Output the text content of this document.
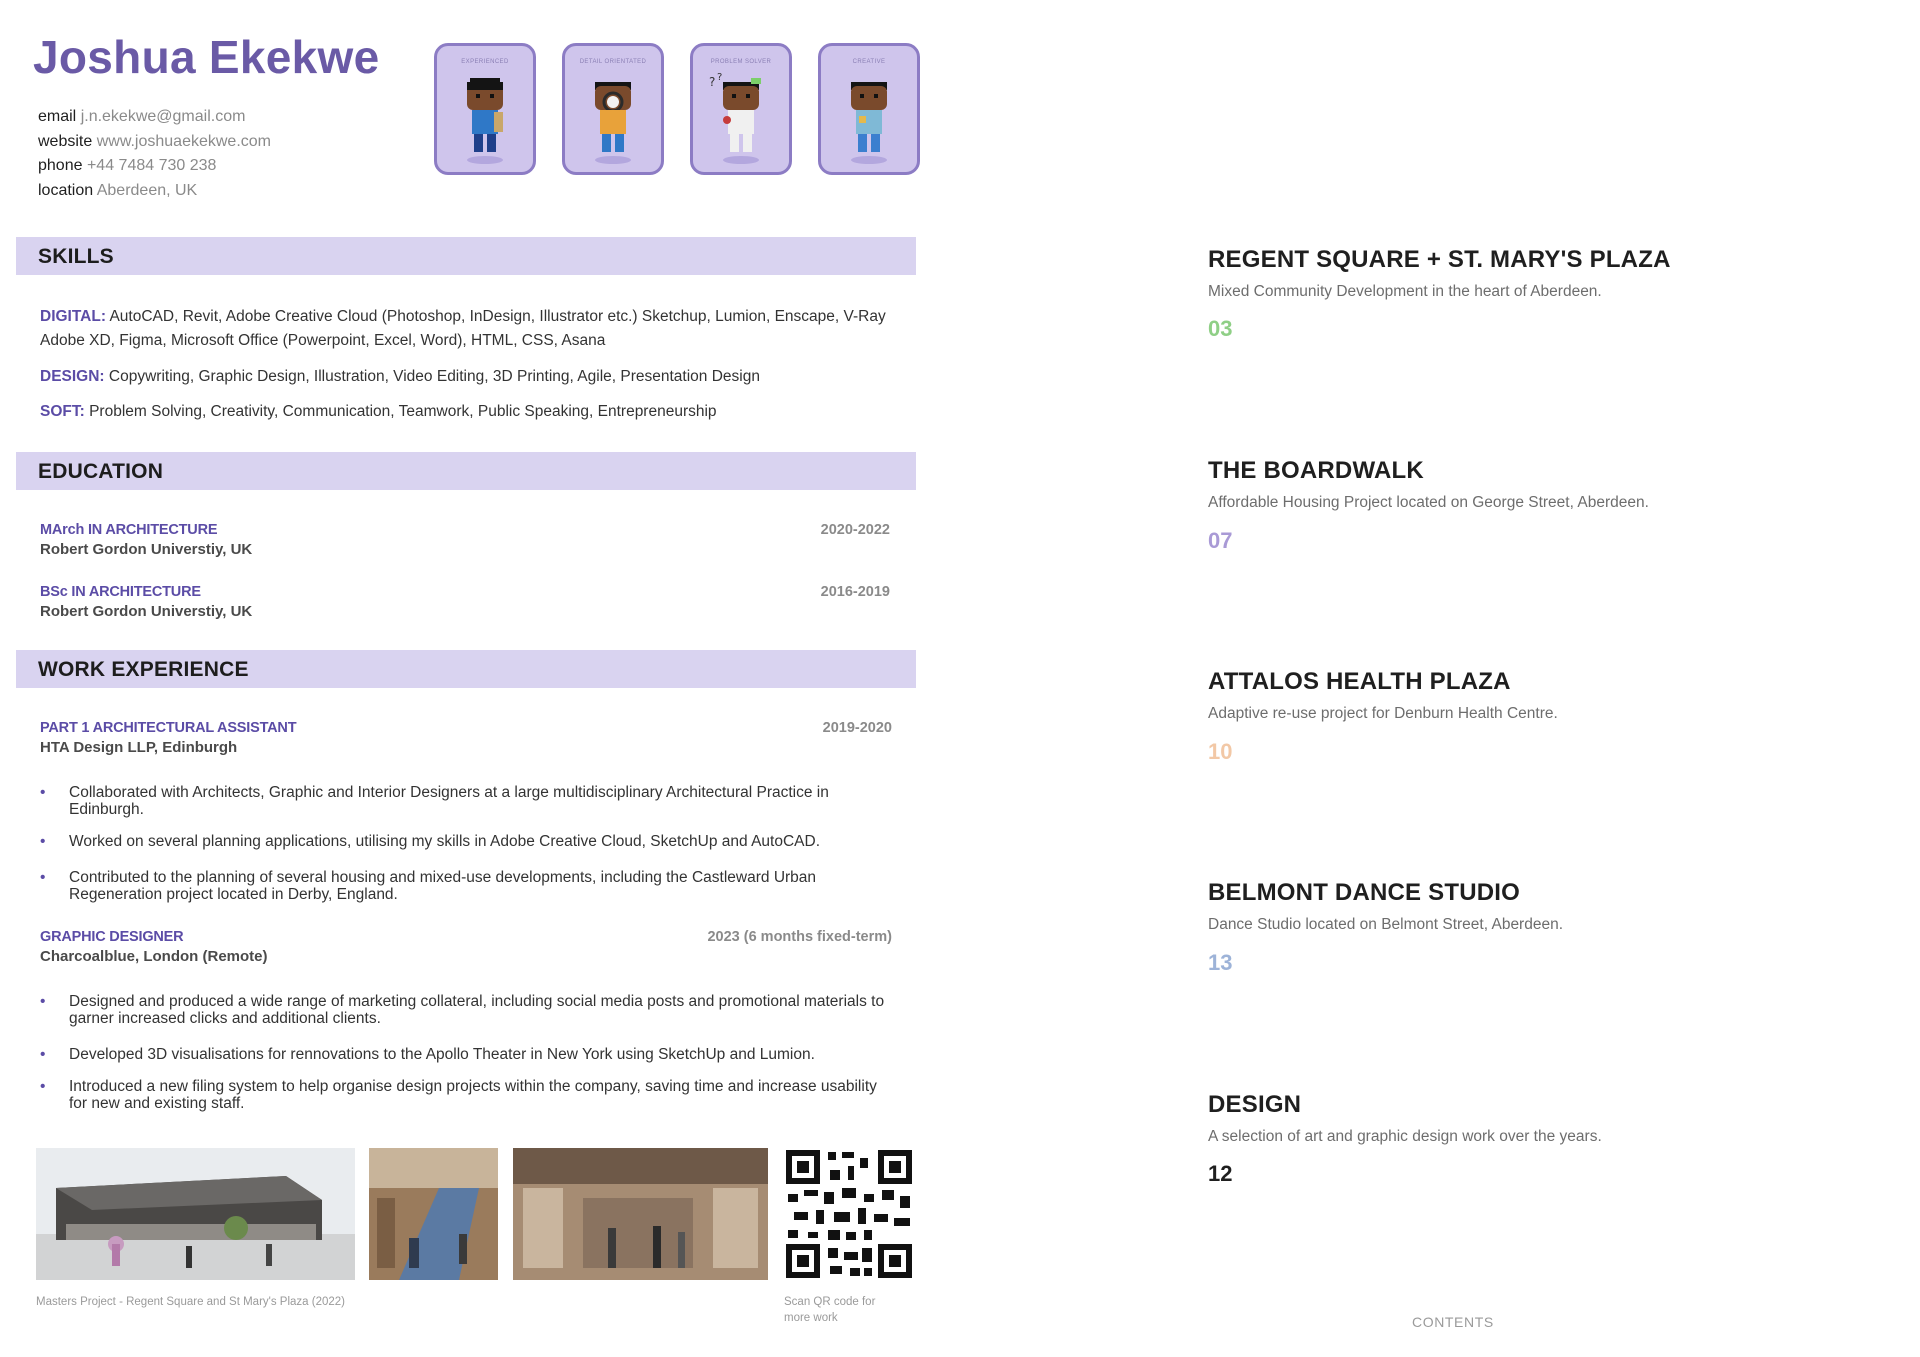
Joshua Ekekwe
email j.n.ekekwe@gmail.com
website www.joshuaekekwe.com
phone +44 7484 730 238
location Aberdeen, UK
EXPERIENCED	DETAIL ORIENTATED	PROBLEM SOLVER
? ?
CREATIVE
SKILLS
DIGITAL: AutoCAD, Revit, Adobe Creative Cloud (Photoshop, InDesign, Illustrator etc.) Sketchup, Lumion, Enscape, V-Ray Adobe XD, Figma, Microsoft Office (Powerpoint, Excel, Word), HTML, CSS, Asana
DESIGN: Copywriting, Graphic Design, Illustration, Video Editing, 3D Printing, Agile, Presentation Design
SOFT: Problem Solving, Creativity, Communication, Teamwork, Public Speaking, Entrepreneurship
EDUCATION
MArch IN ARCHITECTURE
Robert Gordon Universtiy, UK
2020-2022
BSc IN ARCHITECTURE
Robert Gordon Universtiy, UK
2016-2019
WORK EXPERIENCE
PART 1 ARCHITECTURAL ASSISTANT
HTA Design LLP, Edinburgh
2019-2020
• Collaborated with Architects, Graphic and Interior Designers at a large multidisciplinary Architectural Practice in Edinburgh.
• Worked on several planning applications, utilising my skills in Adobe Creative Cloud, SketchUp and AutoCAD.
• Contributed to the planning of several housing and mixed-use developments, including the Castleward Urban Regeneration project located in Derby, England.
GRAPHIC DESIGNER
Charcoalblue, London (Remote)
2023 (6 months fixed-term)
• Designed and produced a wide range of marketing collateral, including social media posts and promotional materials to garner increased clicks and additional clients.
• Developed 3D visualisations for rennovations to the Apollo Theater in New York using SketchUp and Lumion.
• Introduced a new filing system to help organise design projects within the company, saving time and increase usability for new and existing staff.
Masters Project - Regent Square and St Mary's Plaza (2022)	Scan QR code for
more work
REGENT SQUARE + ST. MARY'S PLAZA
Mixed Community Development in the heart of Aberdeen.
03
THE BOARDWALK
Affordable Housing Project located on George Street, Aberdeen.
07
ATTALOS HEALTH PLAZA
Adaptive re-use project for Denburn Health Centre.
10
BELMONT DANCE STUDIO
Dance Studio located on Belmont Street, Aberdeen.
13
DESIGN
A selection of art and graphic design work over the years.
12
CONTENTS
